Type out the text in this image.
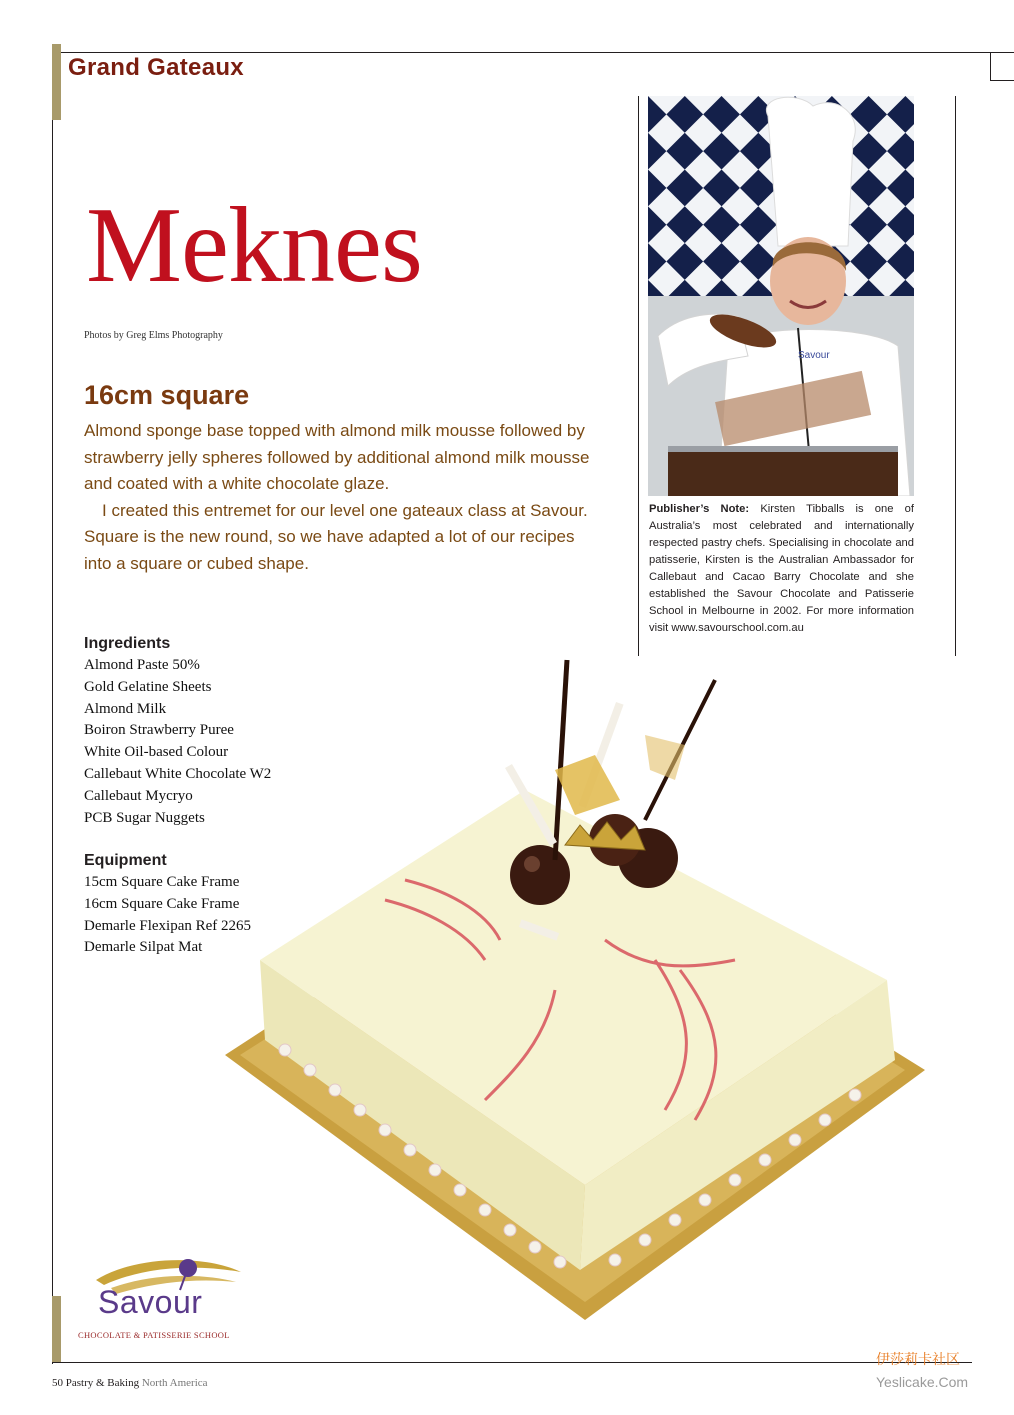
Grand Gateaux
Meknes
Photos by Greg Elms Photography
16cm square

Almond sponge base topped with almond milk mousse followed by strawberry jelly spheres followed by additional almond milk mousse and coated with a white chocolate glaze.

I created this entremet for our level one gateaux class at Savour. Square is the new round, so we have adapted a lot of our recipes into a square or cubed shape.

Ingredients
Almond Paste 50%
Gold Gelatine Sheets
Almond Milk
Boiron Strawberry Puree
White Oil-based Colour
Callebaut White Chocolate W2
Callebaut Mycryo
PCB Sugar Nuggets
Equipment
15cm Square Cake Frame
16cm Square Cake Frame
Demarle Flexipan Ref 2265
Demarle Silpat Mat
Savour
Publisher’s Note: Kirsten Tibballs is one of Australia’s most celebrated and internationally respected pastry chefs. Specialising in chocolate and patisserie, Kirsten is the Australian Ambassador for Callebaut and Cacao Barry Chocolate and she established the Savour Chocolate and Patisserie School in Melbourne in 2002. For more information visit www.savourschool.com.au
Savour
CHOCOLATE & PATISSERIE SCHOOL
50 Pastry & Baking North America
伊莎莉卡社区
Yeslicake.Com
